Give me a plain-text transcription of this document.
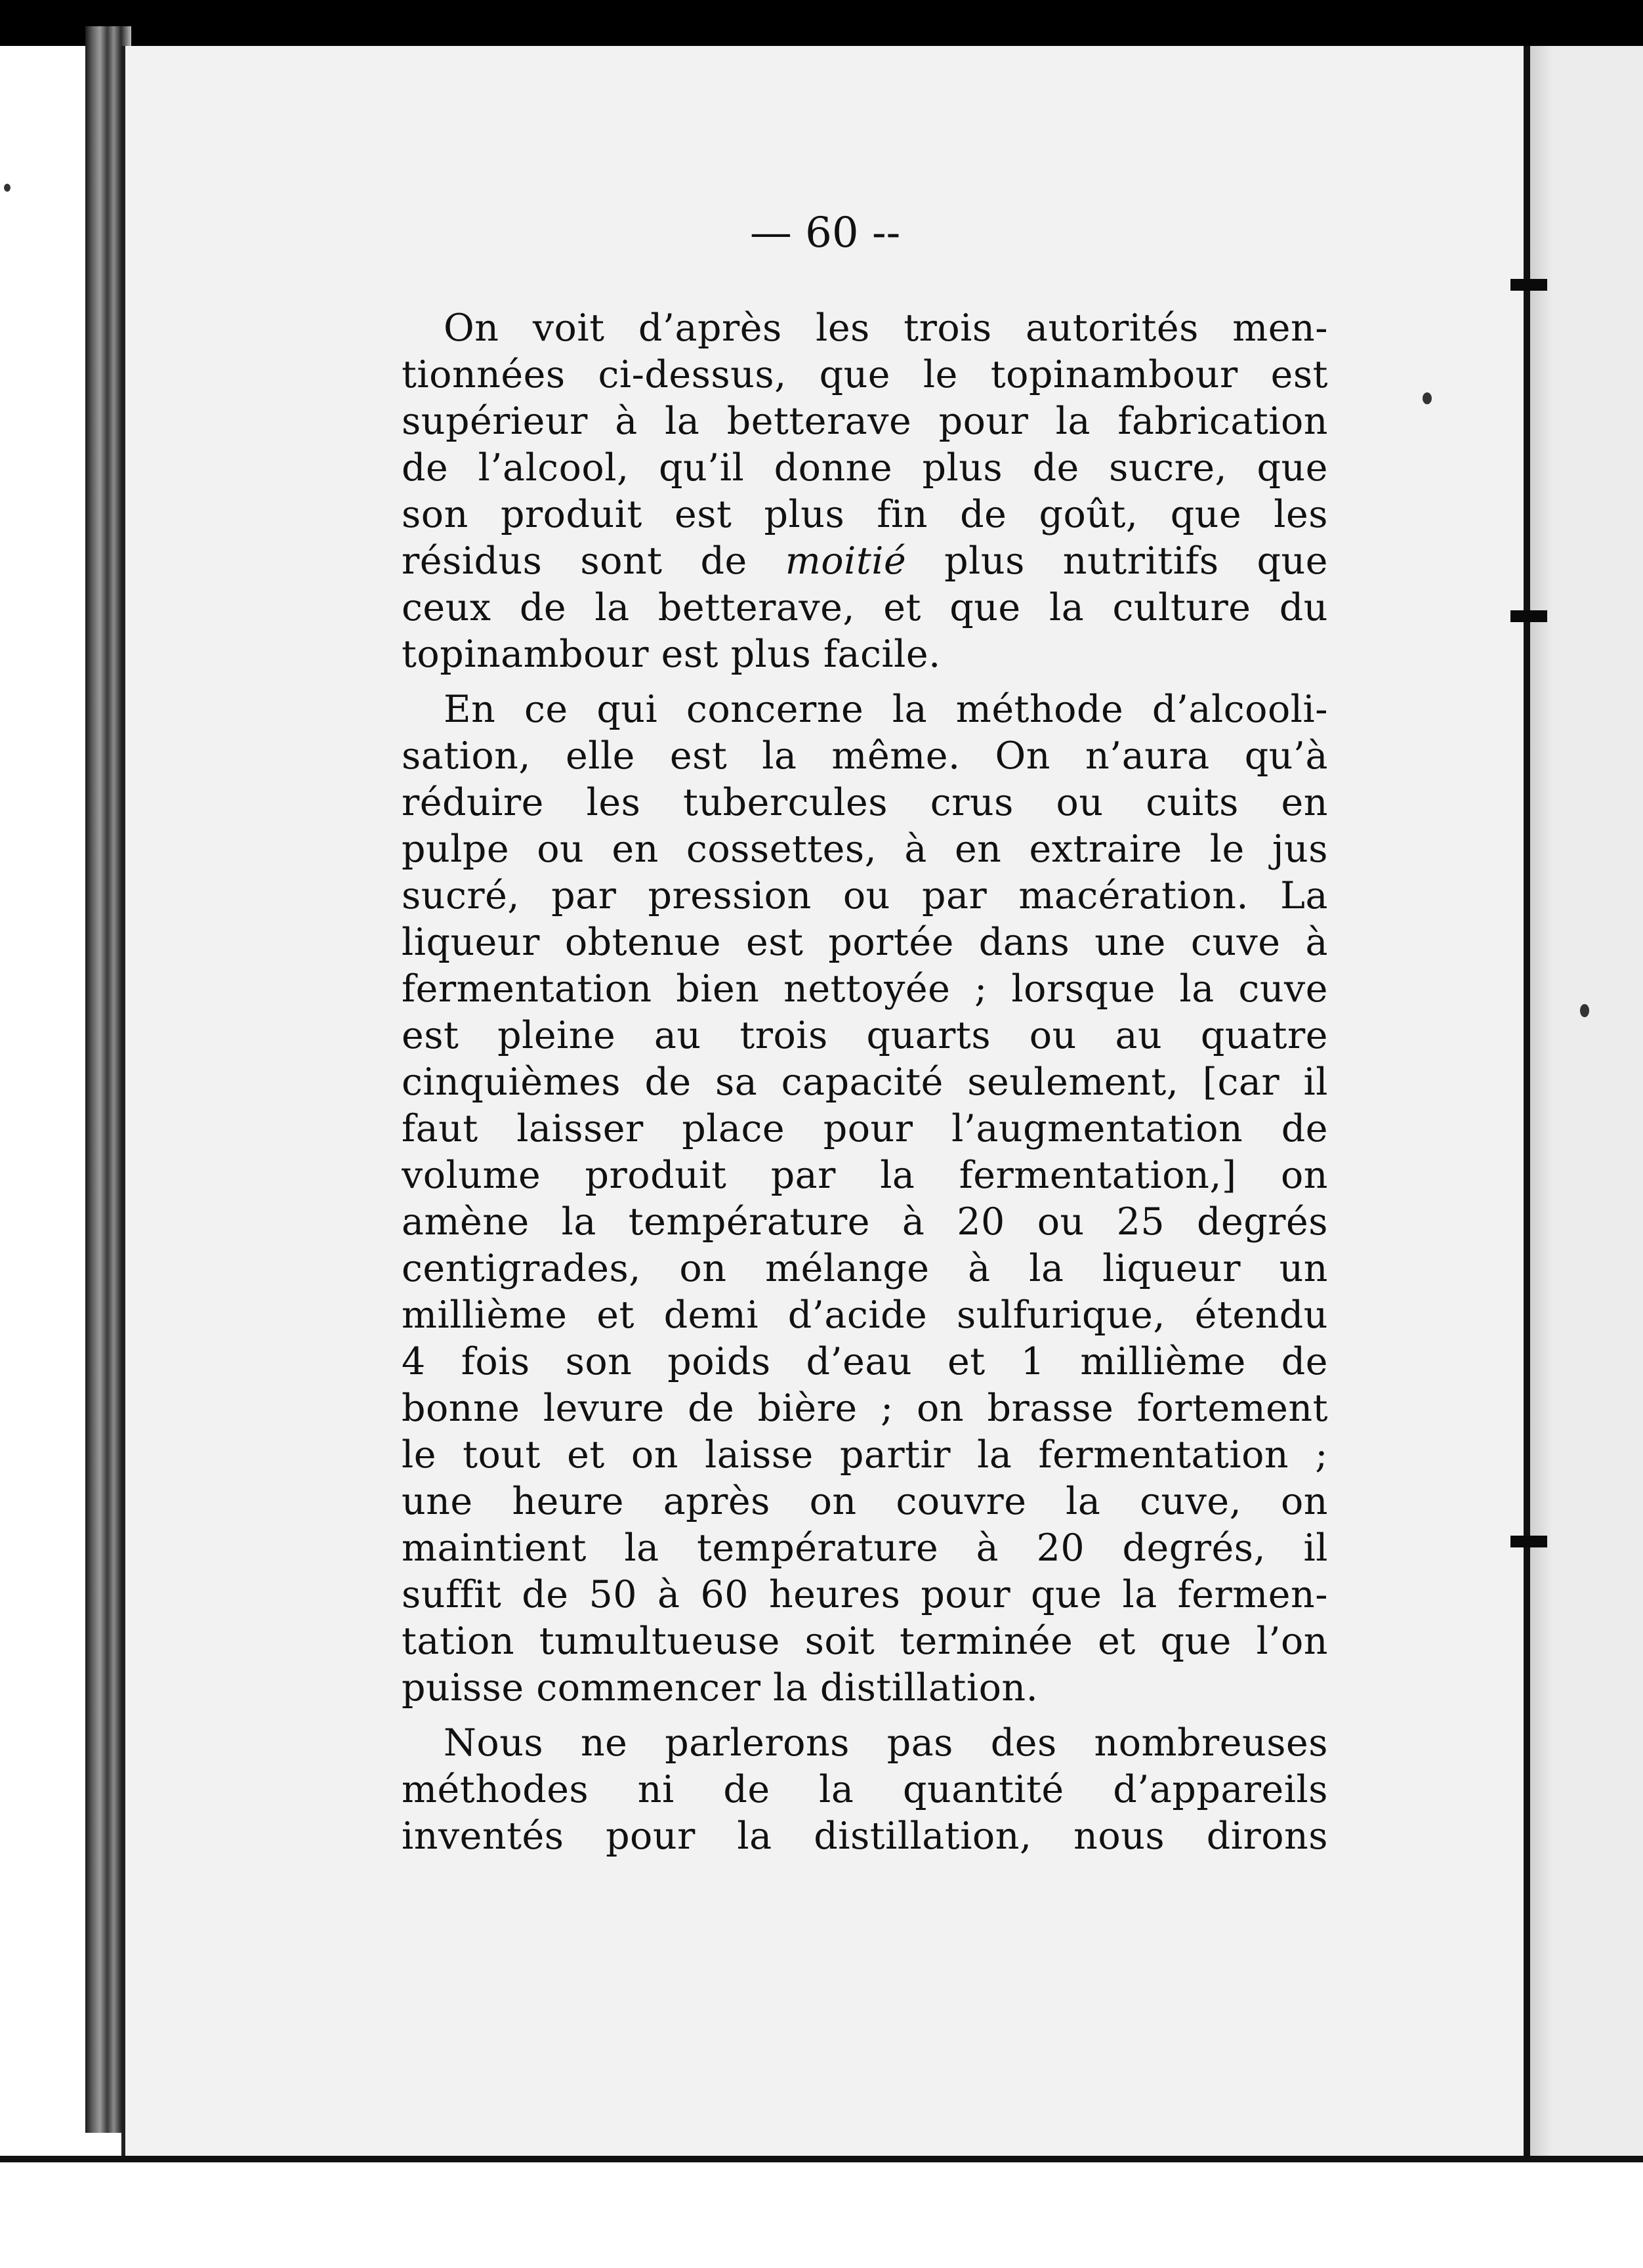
— 60 --

On voit d’après les trois autorités men-
tionnées ci-dessus, que le topinambour est
supérieur à la betterave pour la fabrication
de l’alcool, qu’il donne plus de sucre, que
son produit est plus fin de goût, que les
résidus sont de moitié plus nutritifs que
ceux de la betterave, et que la culture du
topinambour est plus facile.
En ce qui concerne la méthode d’alcooli-
sation, elle est la même. On n’aura qu’à
réduire les tubercules crus ou cuits en
pulpe ou en cossettes, à en extraire le jus
sucré, par pression ou par macération. La
liqueur obtenue est portée dans une cuve à
fermentation bien nettoyée ; lorsque la cuve
est pleine au trois quarts ou au quatre
cinquièmes de sa capacité seulement, [car il
faut laisser place pour l’augmentation de
volume produit par la fermentation,] on
amène la température à 20 ou 25 degrés
centigrades, on mélange à la liqueur un
millième et demi d’acide sulfurique, étendu
4 fois son poids d’eau et 1 millième de
bonne levure de bière ; on brasse fortement
le tout et on laisse partir la fermentation ;
une heure après on couvre la cuve, on
maintient la température à 20 degrés, il
suffit de 50 à 60 heures pour que la fermen-
tation tumultueuse soit terminée et que l’on
puisse commencer la distillation.
Nous ne parlerons pas des nombreuses
méthodes ni de la quantité d’appareils
inventés pour la distillation, nous dirons
